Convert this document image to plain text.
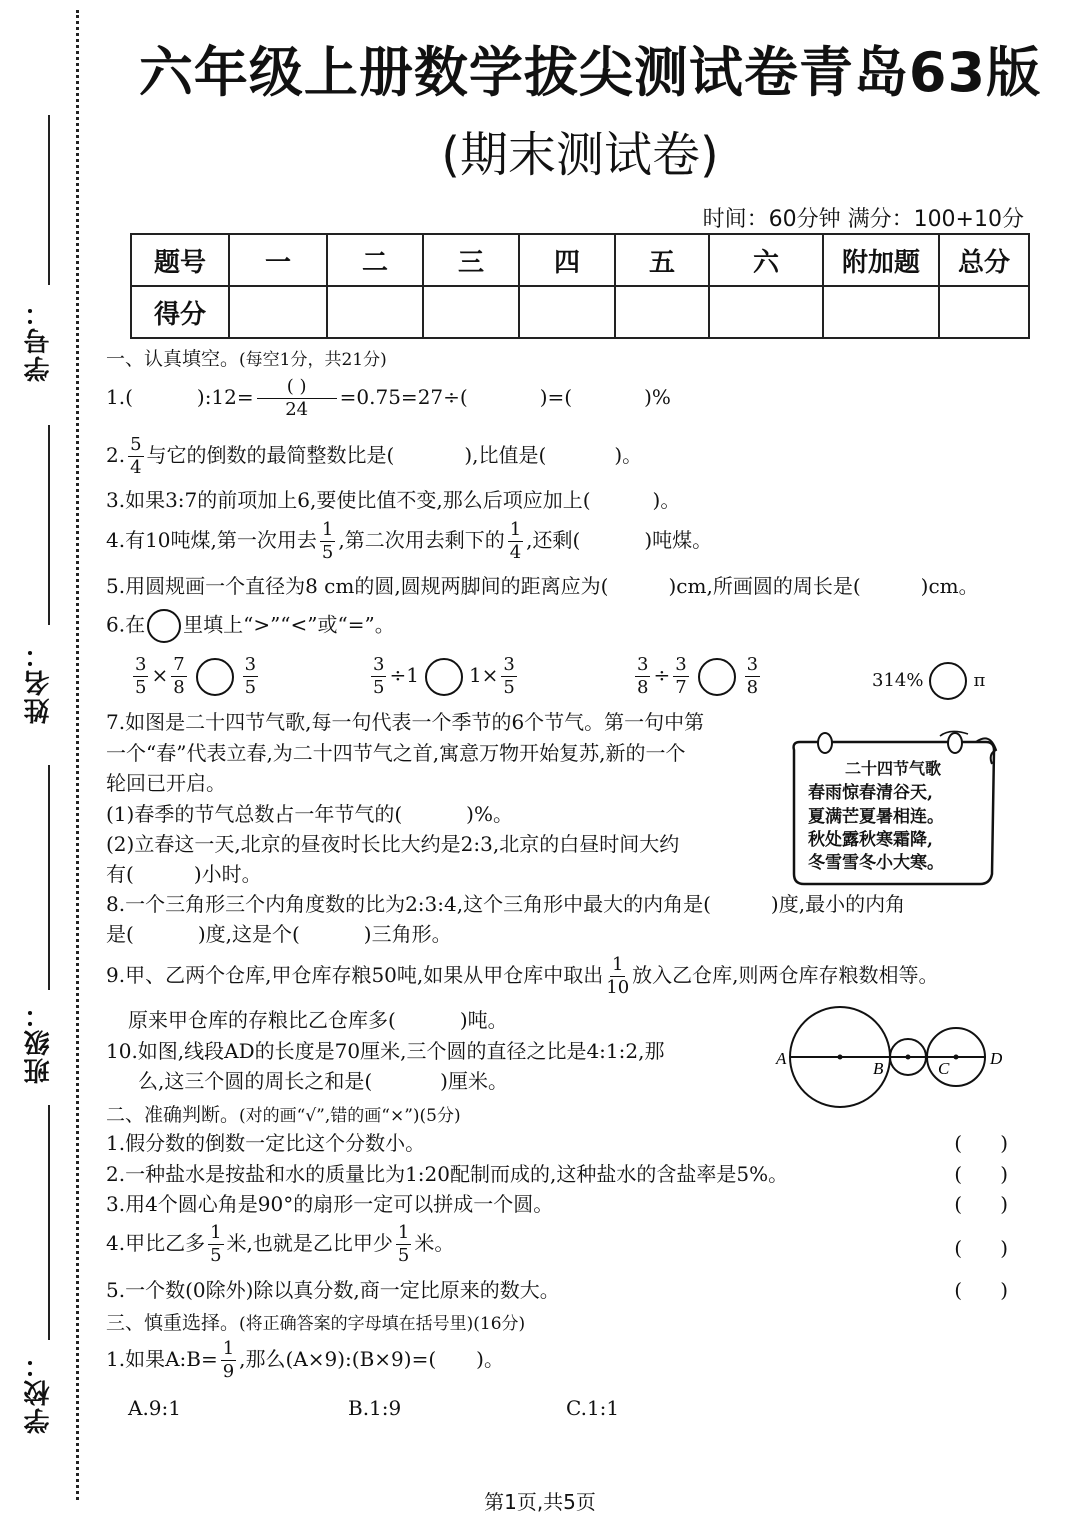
学号：
姓名：
班级：
学校：
六年级上册数学拔尖测试卷青岛63版
(期末测试卷)
时间：60分钟 满分：100+10分
题号	一	二	三	四	五	六	附加题	总分
得分								
一、认真填空。(每空1分，共21分)
1.(	):12= $\frac{( )}{24} =0.75=27\div$(	)=(	)%
2. $\frac{5}{4}$ 与它的倒数的最简整数比是(	),比值是(	)。
3.如果3:7的前项加上6,要使比值不变,那么后项应加上(	)。
4.有10吨煤,第一次用去 $\frac{1}{5}$ ,第二次用去剩下的 $\frac{1}{4}$ ,还剩(	)吨煤。
5.用圆规画一个直径为8 cm的圆,圆规两脚间的距离应为(	)cm,所画圆的周长是(	)cm。
6.在 里填上“>”“<”或“=”。
$\frac{3}{5} \times \frac{7}{8}$	$\frac{3}{5}$	$\frac{3}{5} \div 1$	$1\times \frac{3}{5}$	$\frac{3}{8} \div \frac{3}{7}$	$\frac{3}{8}$	314%	π
7.如图是二十四节气歌,每一句代表一个季节的6个节气。第一句中第
一个“春”代表立春,为二十四节气之首,寓意万物开始复苏,新的一个
轮回已开启。
(1)春季的节气总数占一年节气的(	)%。
(2)立春这一天,北京的昼夜时长比大约是2:3,北京的白昼时间大约
有(	)小时。
二十四节气歌
春雨惊春清谷天,
夏满芒夏暑相连。
秋处露秋寒霜降,
冬雪雪冬小大寒。
8.一个三角形三个内角度数的比为2:3:4,这个三角形中最大的内角是(	)度,最小的内角
是(	)度,这是个(	)三角形。
9.甲、乙两个仓库,甲仓库存粮50吨,如果从甲仓库中取出 $\frac{1}{10}$ 放入乙仓库,则两仓库存粮数相等。
原来甲仓库的存粮比乙仓库多(	)吨。
10.如图,线段AD的长度是70厘米,三个圆的直径之比是4:1:2,那
么,这三个圆的周长之和是(	)厘米。
A
B	C
D
二、准确判断。(对的画“√”,错的画“×”)(5分)
1.假分数的倒数一定比这个分数小。	(      )
2.一种盐水是按盐和水的质量比为1:20配制而成的,这种盐水的含盐率是5%。	(      )
3.用4个圆心角是90°的扇形一定可以拼成一个圆。	(      )
4.甲比乙多 $\frac{1}{5}$ 米,也就是乙比甲少 $\frac{1}{5}$ 米。	(      )
5.一个数(0除外)除以真分数,商一定比原来的数大。	(      )
三、慎重选择。(将正确答案的字母填在括号里)(16分)
1.如果A:B= $\frac{1}{9}$ ,那么(A×9):(B×9)=( )。
A.9:1	B.1:9	C.1:1
第1页,共5页
